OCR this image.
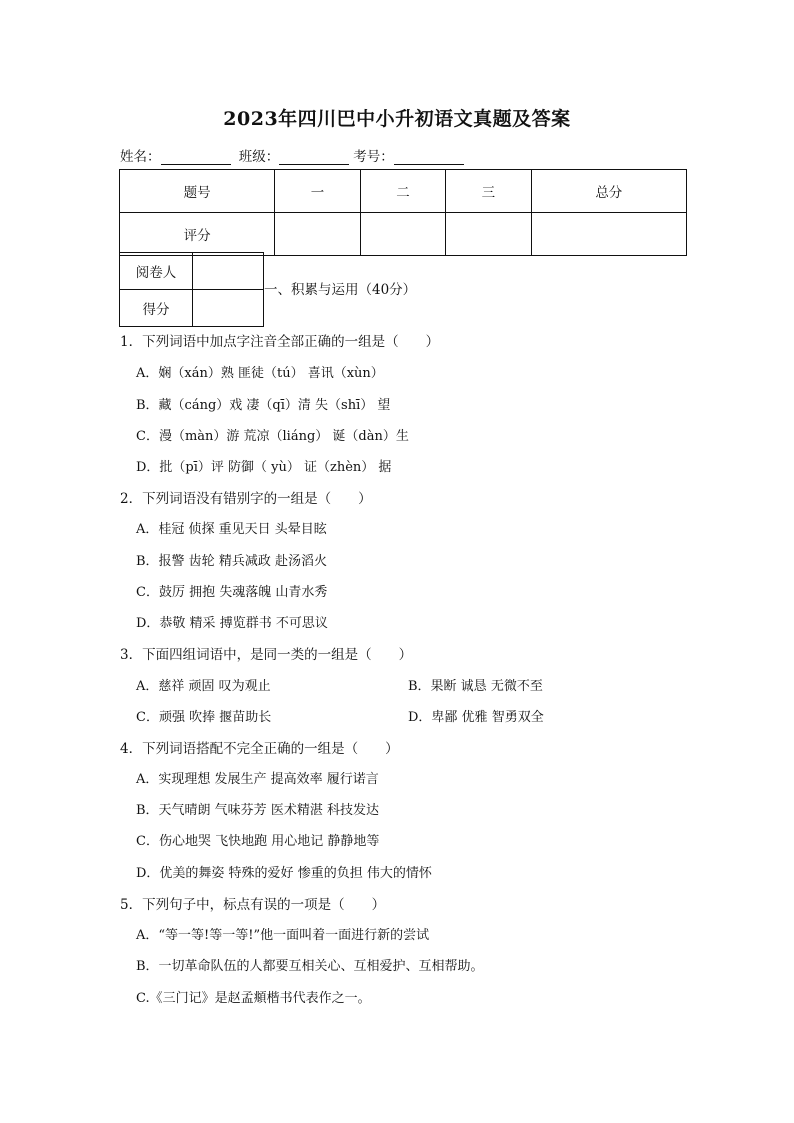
2023年四川巴中小升初语文真题及答案
姓名：	班级：	考号：
题号	一	二	三	总分
评分				
阅卷人	
得分	
一、积累与运用（40分）
1．下列词语中加点字注音全部正确的一组是（　　）
A．娴（xán）熟 匪徒（tú） 喜讯（xùn）
B．藏（cáng）戏 凄（qī）清 失（shī） 望
C．漫（màn）游 荒凉（liáng） 诞（dàn）生
D．批（pī）评 防御（ yù） 证（zhèn） 据
2．下列词语没有错别字的一组是（　　）
A．桂冠 侦探 重见天日 头晕目眩
B．报警 齿轮 精兵减政 赴汤滔火
C．鼓厉 拥抱 失魂落魄 山青水秀
D．恭敬 精采 搏览群书 不可思议
3．下面四组词语中，是同一类的一组是（　　）
A．慈祥 顽固 叹为观止	B．果断 诚恳 无微不至
C．顽强 吹捧 揠苗助长	D．卑鄙 优雅 智勇双全
4．下列词语搭配不完全正确的一组是（　　）
A．实现理想 发展生产 提高效率 履行诺言
B．天气晴朗 气味芬芳 医术精湛 科技发达
C．伤心地哭 飞快地跑 用心地记 静静地等
D．优美的舞姿 特殊的爱好 惨重的负担 伟大的情怀
5．下列句子中，标点有误的一项是（　　）
A．“等一等!等一等!”他一面叫着一面进行新的尝试
B．一切革命队伍的人都要互相关心、互相爱护、互相帮助。
C.《三门记》是赵孟頫楷书代表作之一。
